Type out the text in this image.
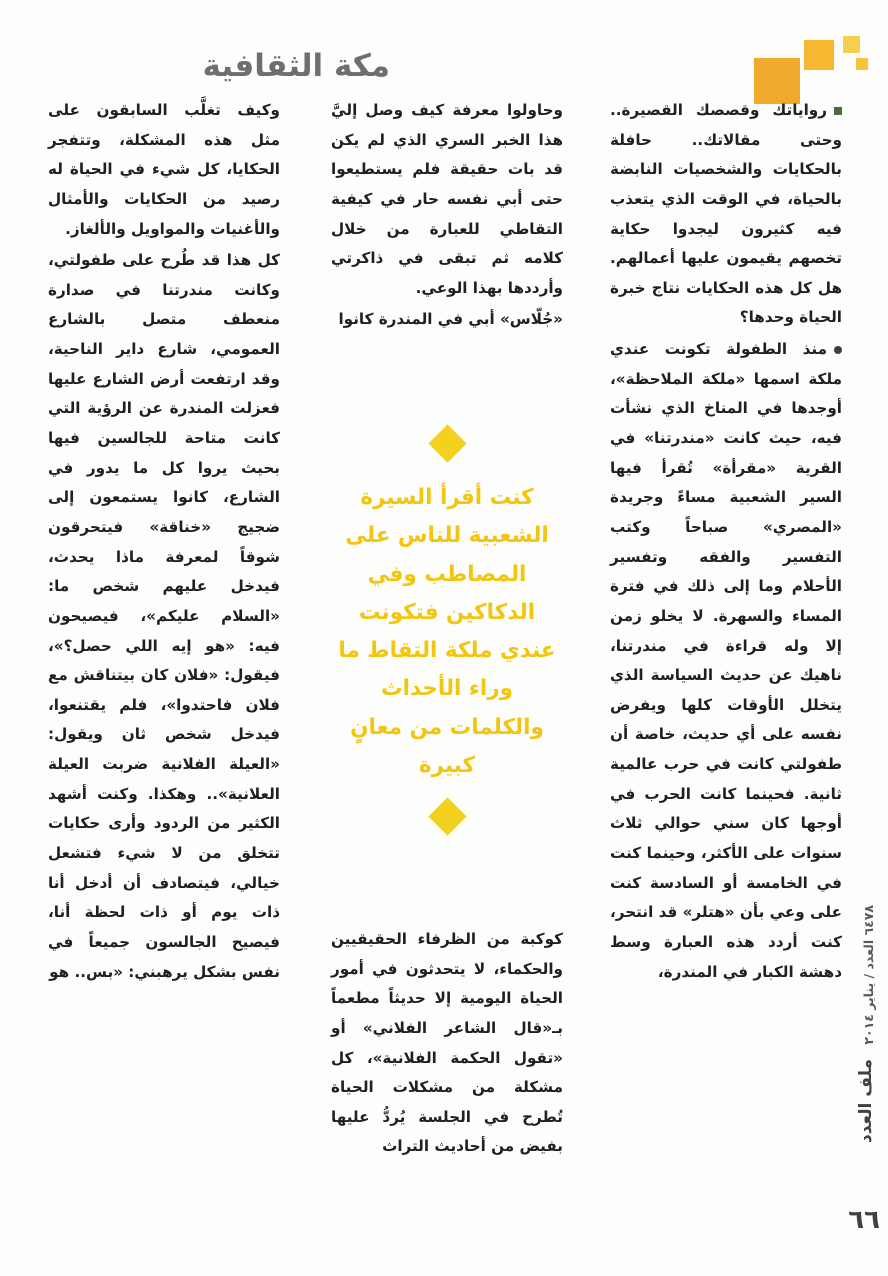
مكة الثقافية

رواياتك وقصصك القصيرة.. وحتى مقالاتك.. حافلة بالحكايات والشخصيات النابضة بالحياة، في الوقت الذي يتعذب فيه كثيرون ليجدوا حكاية تخصهم يقيمون عليها أعمالهم. هل كل هذه الحكايات نتاج خبرة الحياة وحدها؟

منذ الطفولة تكونت عندي ملكة اسمها «ملكة الملاحظة»، أوجدها في المناخ الذي نشأت فيه، حيث كانت «مندرتنا» في القرية «مقرأة» تُقرأ فيها السير الشعبية مساءً وجريدة «المصري» صباحاً وكتب التفسير والفقه وتفسير الأحلام وما إلى ذلك في فترة المساء والسهرة. لا يخلو زمن إلا وله قراءة في مندرتنا، ناهيك عن حديث السياسة الذي يتخلل الأوقات كلها ويفرض نفسه على أي حديث، خاصة أن طفولتي كانت في حرب عالمية ثانية. فحينما كانت الحرب في أوجها كان سني حوالي ثلاث سنوات على الأكثر، وحينما كنت في الخامسة أو السادسة كنت على وعي بأن «هتلر» قد انتحر، كنت أردد هذه العبارة وسط دهشة الكبار في المندرة،

وحاولوا معرفة كيف وصل إليَّ هذا الخبر السري الذي لم يكن قد بات حقيقة فلم يستطيعوا حتى أبي نفسه حار في كيفية التقاطي للعبارة من خلال كلامه ثم تبقى في ذاكرتي وأرددها بهذا الوعي.

«جُلّاس» أبي في المندرة كانوا

كنت أقرأ السيرة الشعبية للناس على المصاطب وفي الدكاكين فتكونت عندي ملكة التقاط ما وراء الأحداث والكلمات من معانٍ كبيرة

كوكبة من الظرفاء الحقيقيين والحكماء، لا يتحدثون في أمور الحياة اليومية إلا حديثاً مطعماً بـ«قال الشاعر الفلاني» أو «تقول الحكمة الفلانية»، كل مشكلة من مشكلات الحياة تُطرح في الجلسة يُردُّ عليها بفيض من أحاديث التراث

وكيف تغلَّب السابقون على مثل هذه المشكلة، وتتفجر الحكايا، كل شيء في الحياة له رصيد من الحكايات والأمثال والأغنيات والمواويل والألغاز.

كل هذا قد طُرح على طفولتي، وكانت مندرتنا في صدارة منعطف متصل بالشارع العمومي، شارع داير الناحية، وقد ارتفعت أرض الشارع عليها فعزلت المندرة عن الرؤية التي كانت متاحة للجالسين فيها بحيث يروا كل ما يدور في الشارع، كانوا يستمعون إلى ضجيج «خناقة» فيتحرقون شوقاً لمعرفة ماذا يحدث، فيدخل عليهم شخص ما: «السلام عليكم»، فيصيحون فيه: «هو إيه اللي حصل؟»، فيقول: «فلان كان بيتناقش مع فلان فاحتدوا»، فلم يقتنعوا، فيدخل شخص ثان ويقول: «العيلة الفلانية ضربت العيلة العلانية».. وهكذا. وكنت أشهد الكثير من الردود وأرى حكايات تتخلق من لا شيء فتشعل خيالي، فيتصادف أن أدخل أنا ذات يوم أو ذات لحظة أنا، فيصيح الجالسون جميعاً في نفس بشكل يرهبني: «بس.. هو

٦٤٧٨ العدد / يناير ٢٠١٤
ملف العدد
٦٦
